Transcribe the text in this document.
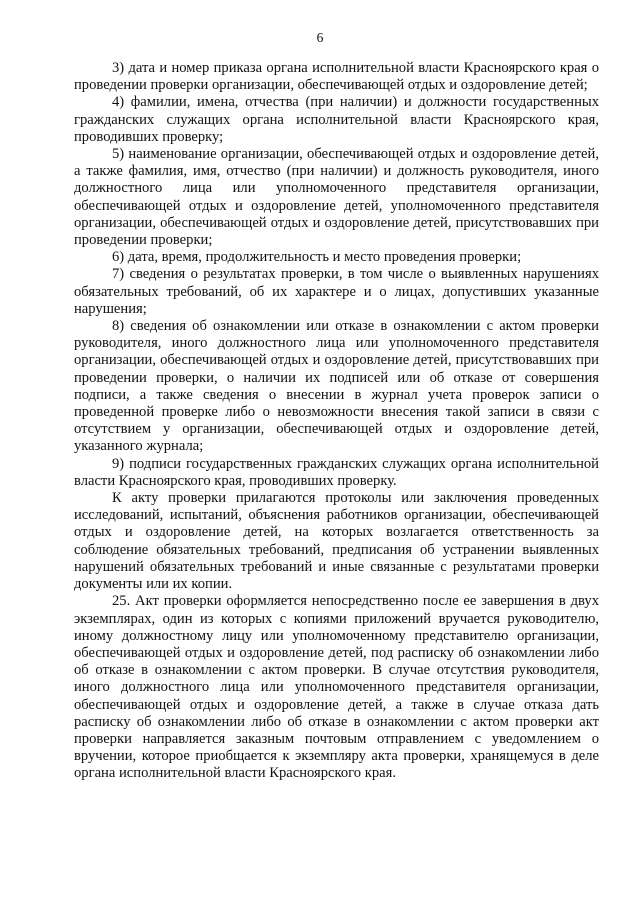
6

3) дата и номер приказа органа исполнительной власти Красноярского края о проведении проверки организации, обеспечивающей отдых и оздоровление детей;

4) фамилии, имена, отчества (при наличии) и должности государственных гражданских служащих органа исполнительной власти Красноярского края, проводивших проверку;

5) наименование организации, обеспечивающей отдых и оздоровление детей, а также фамилия, имя, отчество (при наличии) и должность руководителя, иного должностного лица или уполномоченного представителя организации, обеспечивающей отдых и оздоровление детей, уполномоченного представителя организации, обеспечивающей отдых и оздоровление детей, присутствовавших при проведении проверки;

6) дата, время, продолжительность и место проведения проверки;

7) сведения о результатах проверки, в том числе о выявленных нарушениях обязательных требований, об их характере и о лицах, допустивших указанные нарушения;

8) сведения об ознакомлении или отказе в ознакомлении с актом проверки руководителя, иного должностного лица или уполномоченного представителя организации, обеспечивающей отдых и оздоровление детей, присутствовавших при проведении проверки, о наличии их подписей или об отказе от совершения подписи, а также сведения о внесении в журнал учета проверок записи о проведенной проверке либо о невозможности внесения такой записи в связи с отсутствием у организации, обеспечивающей отдых и оздоровление детей, указанного журнала;

9) подписи государственных гражданских служащих органа исполнительной власти Красноярского края, проводивших проверку.

К акту проверки прилагаются протоколы или заключения проведенных исследований, испытаний, объяснения работников организации, обеспечивающей отдых и оздоровление детей, на которых возлагается ответственность за соблюдение обязательных требований, предписания об устранении выявленных нарушений обязательных требований и иные связанные с результатами проверки документы или их копии.

25. Акт проверки оформляется непосредственно после ее завершения в двух экземплярах, один из которых с копиями приложений вручается руководителю, иному должностному лицу или уполномоченному представителю организации, обеспечивающей отдых и оздоровление детей, под расписку об ознакомлении либо об отказе в ознакомлении с актом проверки. В случае отсутствия руководителя, иного должностного лица или уполномоченного представителя организации, обеспечивающей отдых и оздоровление детей, а также в случае отказа дать расписку об ознакомлении либо об отказе в ознакомлении с актом проверки акт проверки направляется заказным почтовым отправлением с уведомлением о вручении, которое приобщается к экземпляру акта проверки, хранящемуся в деле органа исполнительной власти Красноярского края.
